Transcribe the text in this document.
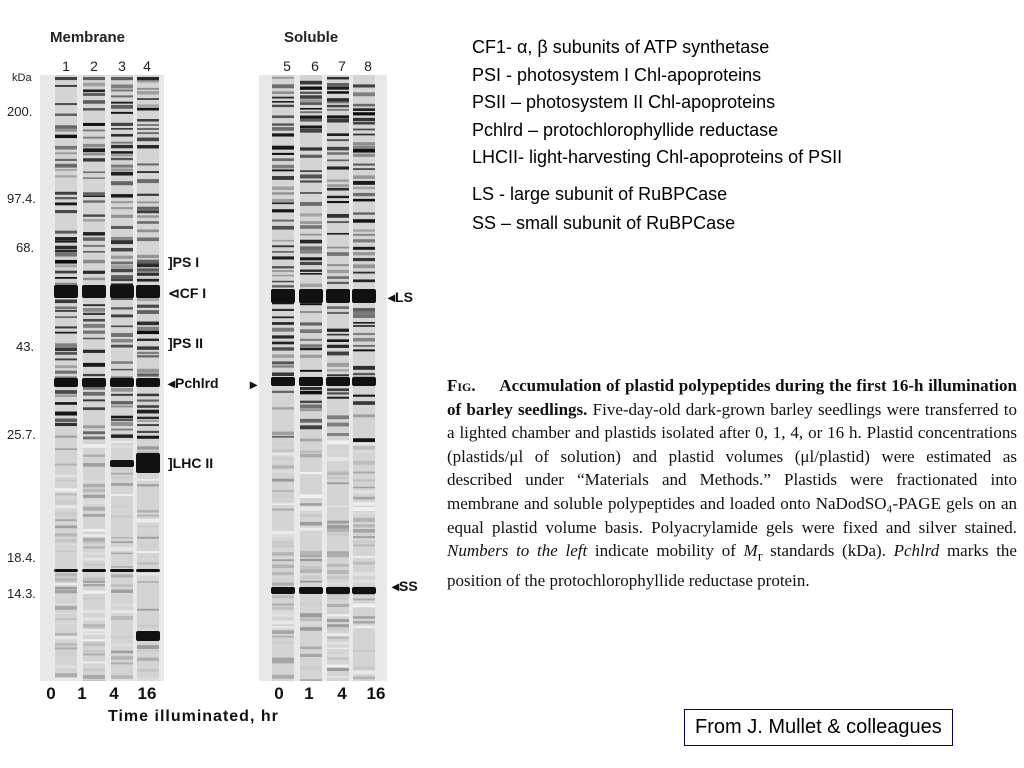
Membrane	Soluble
1	2	3	4	5	6	7	8
kDa
200.
97.4.
68.
43.
25.7.
18.4.
14.3.
]PS I
⊲CF I
]PS II
◂Pchlrd
]LHC II
▸
◂LS
◂SS
0	1	4	16	0	1	4	16
Time illuminated, hr
CF1- α, β subunits of ATP synthetase
PSI - photosystem I Chl-apoproteins
PSII – photosystem II Chl-apoproteins
Pchlrd – protochlorophyllide reductase
LHCII- light-harvesting Chl-apoproteins of PSII
LS - large subunit of RuBPCase
SS – small subunit of RuBPCase
Fig. Accumulation of plastid polypeptides during the first 16-h illumination of barley seedlings. Five-day-old dark-grown barley seedlings were transferred to a lighted chamber and plastids isolated after 0, 1, 4, or 16 h. Plastid concentrations (plastids/μl of solution) and plastid volumes (μl/plastid) were estimated as described under “Materials and Methods.” Plastids were fractionated into membrane and soluble polypeptides and loaded onto NaDodSO₄-PAGE gels on an equal plastid volume basis. Polyacrylamide gels were fixed and silver stained. Numbers to the left indicate mobility of $M_r$ standards (kDa). Pchlrd marks the position of the protochlorophyllide reductase protein.
From J. Mullet & colleagues
